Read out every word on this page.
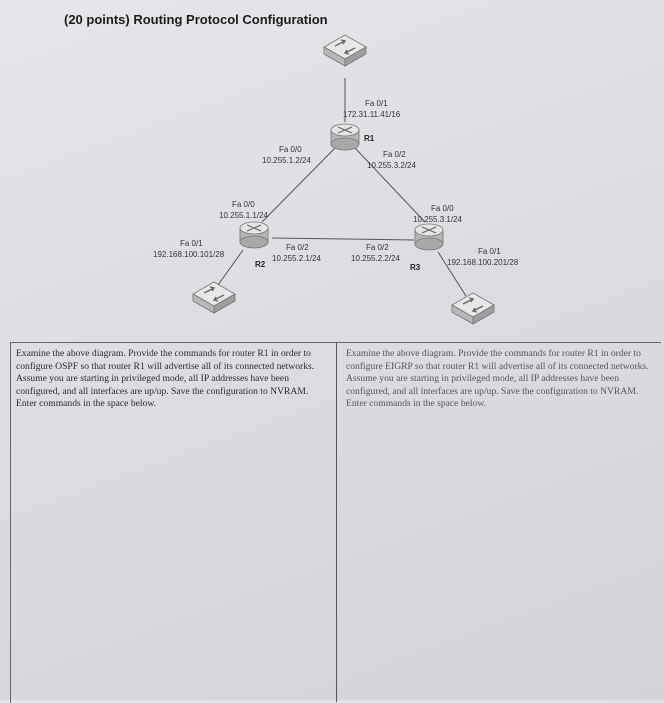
(20 points) Routing Protocol Configuration
R1
R2	R3
Fa 0/1
172.31.11.41/16
Fa 0/0
10.255.1.2/24
Fa 0/2
10.255.3.2/24
Fa 0/0
10.255.1.1/24
Fa 0/1
192.168.100.101/28
Fa 0/2
10.255.2.1/24
Fa 0/0
10.255.3.1/24
Fa 0/2
10.255.2.2/24
Fa 0/1
192.168.100.201/28
Examine the above diagram. Provide the commands for router R1 in order to configure OSPF so that router R1 will advertise all of its connected networks. Assume you are starting in privileged mode, all IP addresses have been configured, and all interfaces are up/up. Save the configuration to NVRAM. Enter commands in the space below.
Examine the above diagram. Provide the commands for router R1 in order to configure EIGRP so that router R1 will advertise all of its connected networks. Assume you are starting in privileged mode, all IP addresses have been configured, and all interfaces are up/up. Save the configuration to NVRAM. Enter commands in the space below.
